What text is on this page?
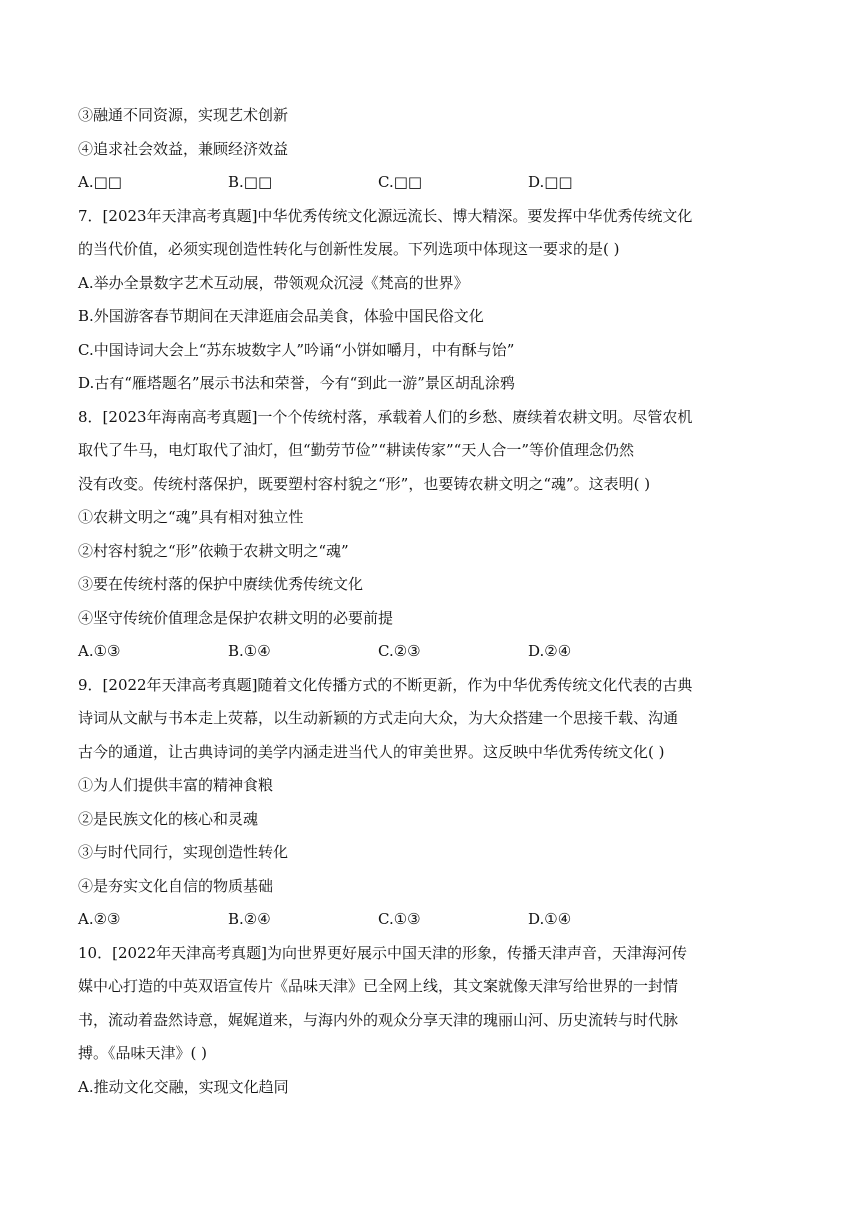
③融通不同资源，实现艺术创新
④追求社会效益，兼顾经济效益
A.□□	B.□□	C.□□	D.□□
7．[2023年天津高考真题]中华优秀传统文化源远流长、博大精深。要发挥中华优秀传统文化
的当代价值，必须实现创造性转化与创新性发展。下列选项中体现这一要求的是( )
A.举办全景数字艺术互动展，带领观众沉浸《梵高的世界》
B.外国游客春节期间在天津逛庙会品美食，体验中国民俗文化
C.中国诗词大会上“苏东坡数字人”吟诵“小饼如嚼月，中有酥与饴”
D.古有“雁塔题名”展示书法和荣誉，今有“到此一游”景区胡乱涂鸦
8．[2023年海南高考真题]一个个传统村落，承载着人们的乡愁、赓续着农耕文明。尽管农机
取代了牛马，电灯取代了油灯，但“勤劳节俭”“耕读传家”“天人合一”等价值理念仍然
没有改变。传统村落保护，既要塑村容村貌之“形”，也要铸农耕文明之“魂”。这表明( )
①农耕文明之“魂”具有相对独立性
②村容村貌之“形”依赖于农耕文明之“魂”
③要在传统村落的保护中赓续优秀传统文化
④坚守传统价值理念是保护农耕文明的必要前提
A.①③	B.①④	C.②③	D.②④
9．[2022年天津高考真题]随着文化传播方式的不断更新，作为中华优秀传统文化代表的古典
诗词从文献与书本走上荧幕，以生动新颖的方式走向大众，为大众搭建一个思接千载、沟通
古今的通道，让古典诗词的美学内涵走进当代人的审美世界。这反映中华优秀传统文化( )
①为人们提供丰富的精神食粮
②是民族文化的核心和灵魂
③与时代同行，实现创造性转化
④是夯实文化自信的物质基础
A.②③	B.②④	C.①③	D.①④
10．[2022年天津高考真题]为向世界更好展示中国天津的形象，传播天津声音，天津海河传
媒中心打造的中英双语宣传片《品味天津》已全网上线，其文案就像天津写给世界的一封情
书，流动着盎然诗意，娓娓道来，与海内外的观众分享天津的瑰丽山河、历史流转与时代脉
搏。《品味天津》( )
A.推动文化交融，实现文化趋同
